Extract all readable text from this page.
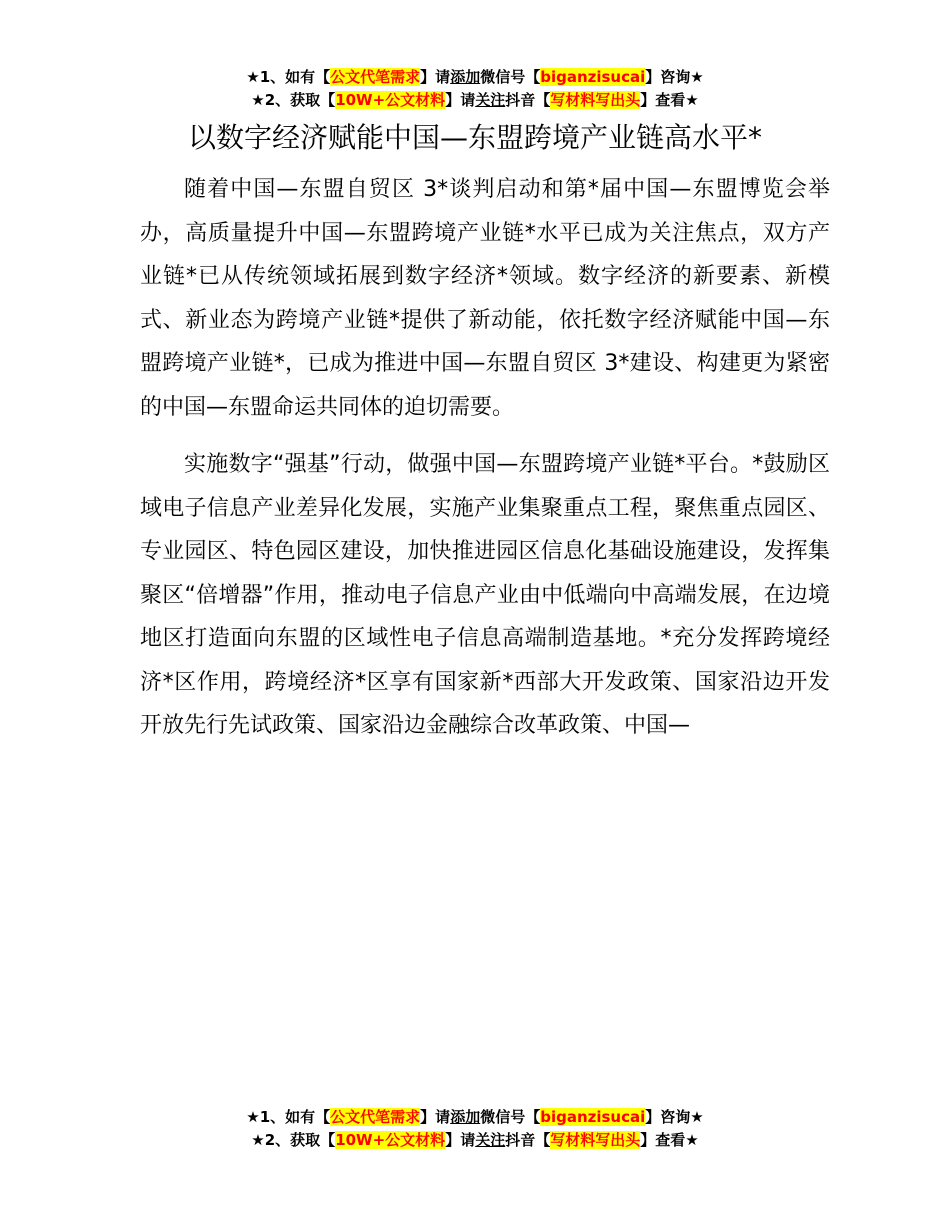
★1、如有【公文代笔需求】请添加微信号【biganzisucai】咨询★
★2、获取【10W+公文材料】请关注抖音【写材料写出头】查看★
以数字经济赋能中国—东盟跨境产业链高水平*

随着中国—东盟自贸区 3*谈判启动和第*届中国—东盟博览会举办，高质量提升中国—东盟跨境产业链*水平已成为关注焦点，双方产业链*已从传统领域拓展到数字经济*领域。数字经济的新要素、新模式、新业态为跨境产业链*提供了新动能，依托数字经济赋能中国—东盟跨境产业链*，已成为推进中国—东盟自贸区 3*建设、构建更为紧密的中国—东盟命运共同体的迫切需要。

实施数字“强基”行动，做强中国—东盟跨境产业链*平台。*鼓励区域电子信息产业差异化发展，实施产业集聚重点工程，聚焦重点园区、专业园区、特色园区建设，加快推进园区信息化基础设施建设，发挥集聚区“倍增器”作用，推动电子信息产业由中低端向中高端发展，在边境地区打造面向东盟的区域性电子信息高端制造基地。*充分发挥跨境经济*区作用，跨境经济*区享有国家新*西部大开发政策、国家沿边开发开放先行先试政策、国家沿边金融综合改革政策、中国—

★1、如有【公文代笔需求】请添加微信号【biganzisucai】咨询★
★2、获取【10W+公文材料】请关注抖音【写材料写出头】查看★
